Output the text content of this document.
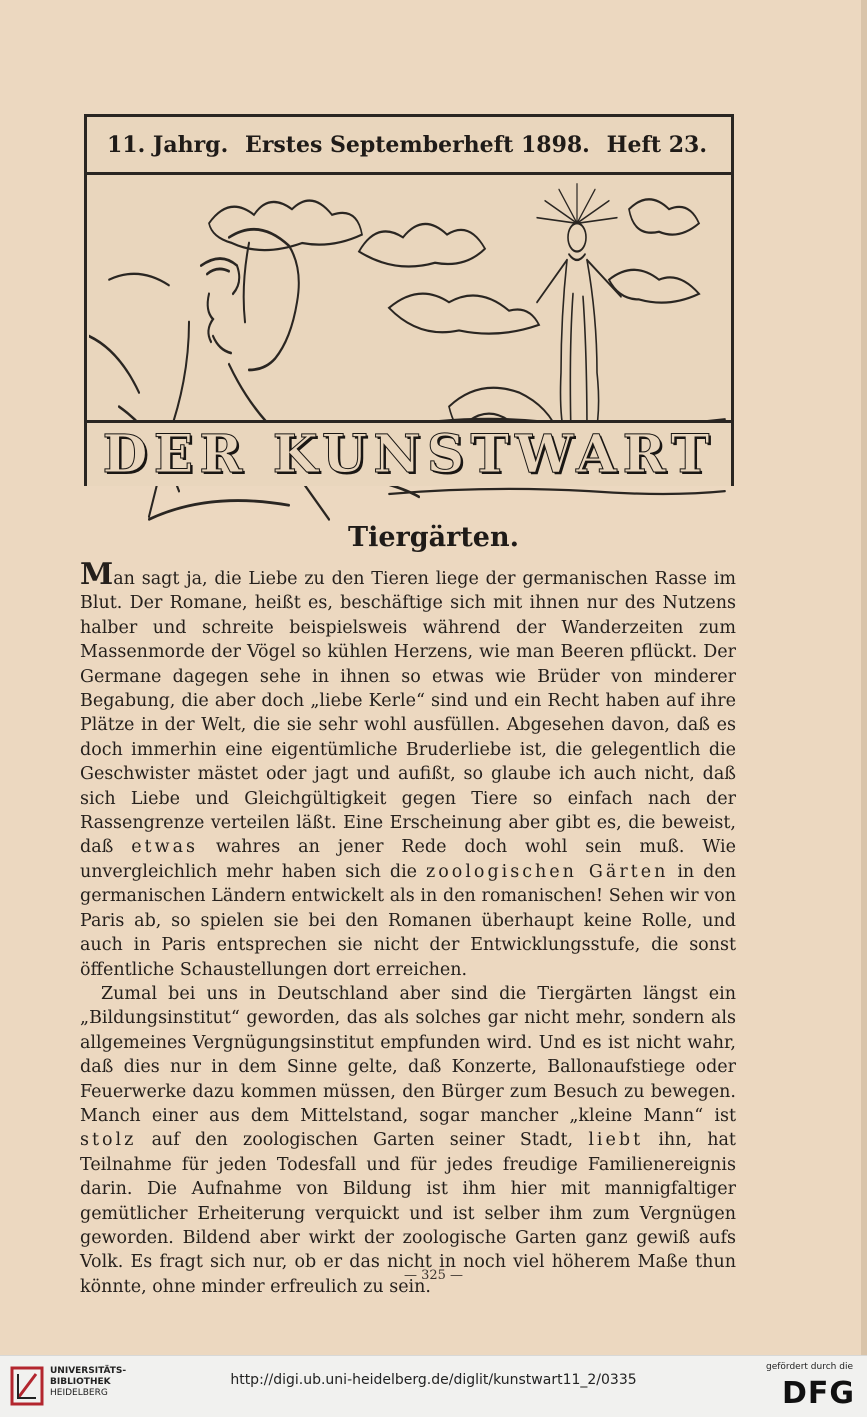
11. Jahrg. Erstes Septemberheft 1898. Heft 23.
DER KUNSTWART
Tiergärten.

Man sagt ja, die Liebe zu den Tieren liege der germanischen Rasse im Blut. Der Romane, heißt es, beschäftige sich mit ihnen nur des Nutzens halber und schreite beispielsweis während der Wanderzeiten zum Massenmorde der Vögel so kühlen Herzens, wie man Beeren pflückt. Der Germane dagegen sehe in ihnen so etwas wie Brüder von minderer Begabung, die aber doch „liebe Kerle“ sind und ein Recht haben auf ihre Plätze in der Welt, die sie sehr wohl ausfüllen. Abgesehen davon, daß es doch immerhin eine eigentümliche Bruderliebe ist, die gelegentlich die Geschwister mästet oder jagt und aufißt, so glaube ich auch nicht, daß sich Liebe und Gleichgültigkeit gegen Tiere so einfach nach der Rassengrenze verteilen läßt. Eine Erscheinung aber gibt es, die beweist, daß etwas wahres an jener Rede doch wohl sein muß. Wie unvergleichlich mehr haben sich die zoologischen Gärten in den germanischen Ländern entwickelt als in den romanischen! Sehen wir von Paris ab, so spielen sie bei den Romanen überhaupt keine Rolle, und auch in Paris entsprechen sie nicht der Entwicklungsstufe, die sonst öffentliche Schaustellungen dort erreichen.

Zumal bei uns in Deutschland aber sind die Tiergärten längst ein „Bildungsinstitut“ geworden, das als solches gar nicht mehr, sondern als allgemeines Vergnügungsinstitut empfunden wird. Und es ist nicht wahr, daß dies nur in dem Sinne gelte, daß Konzerte, Ballonaufstiege oder Feuerwerke dazu kommen müssen, den Bürger zum Besuch zu bewegen. Manch einer aus dem Mittelstand, sogar mancher „kleine Mann“ ist stolz auf den zoologischen Garten seiner Stadt, liebt ihn, hat Teilnahme für jeden Todesfall und für jedes freudige Familienereignis darin. Die Aufnahme von Bildung ist ihm hier mit mannigfaltiger gemütlicher Erheiterung verquickt und ist selber ihm zum Vergnügen geworden. Bildend aber wirkt der zoologische Garten ganz gewiß aufs Volk. Es fragt sich nur, ob er das nicht in noch viel höherem Maße thun könnte, ohne minder erfreulich zu sein.

— 325 —
UNIVERSITÄTS-
BIBLIOTHEK
HEIDELBERG
http://digi.ub.uni-heidelberg.de/diglit/kunstwart11_2/0335
gefördert durch die
DFG
